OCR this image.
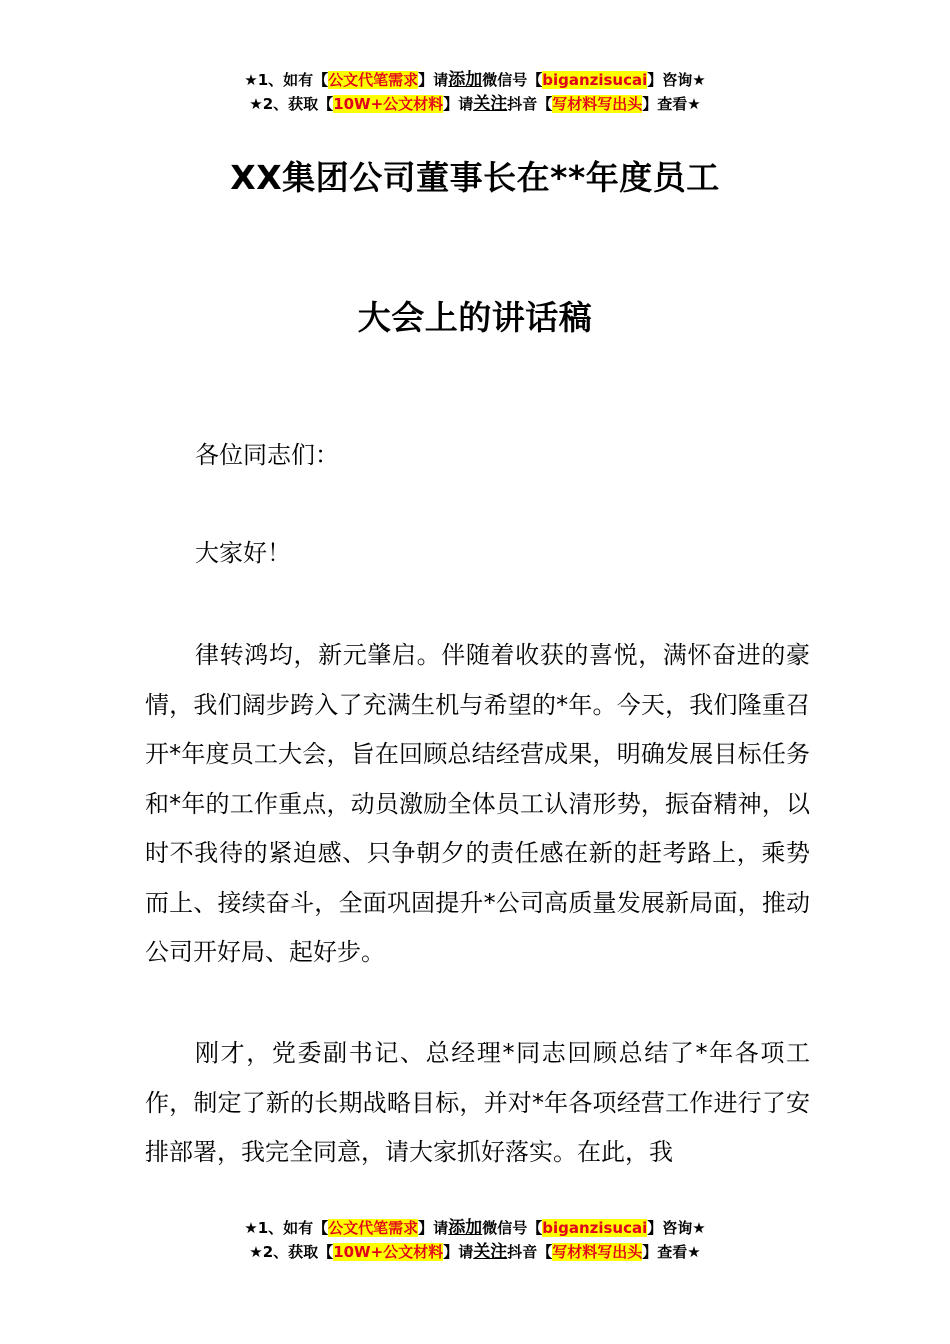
★1、如有【公文代笔需求】请添加微信号【biganzisucai】咨询★
★2、获取【10W+公文材料】请关注抖音【写材料写出头】查看★
XX集团公司董事长在**年度员工
大会上的讲话稿
各位同志们：
大家好！
律转鸿均，新元肇启。伴随着收获的喜悦，满怀奋进的豪情，我们阔步跨入了充满生机与希望的*年。今天，我们隆重召开*年度员工大会，旨在回顾总结经营成果，明确发展目标任务和*年的工作重点，动员激励全体员工认清形势，振奋精神，以时不我待的紧迫感、只争朝夕的责任感在新的赶考路上，乘势而上、接续奋斗，全面巩固提升*公司高质量发展新局面，推动公司开好局、起好步。
刚才，党委副书记、总经理*同志回顾总结了*年各项工作，制定了新的长期战略目标，并对*年各项经营工作进行了安排部署，我完全同意，请大家抓好落实。在此，我
★1、如有【公文代笔需求】请添加微信号【biganzisucai】咨询★
★2、获取【10W+公文材料】请关注抖音【写材料写出头】查看★
